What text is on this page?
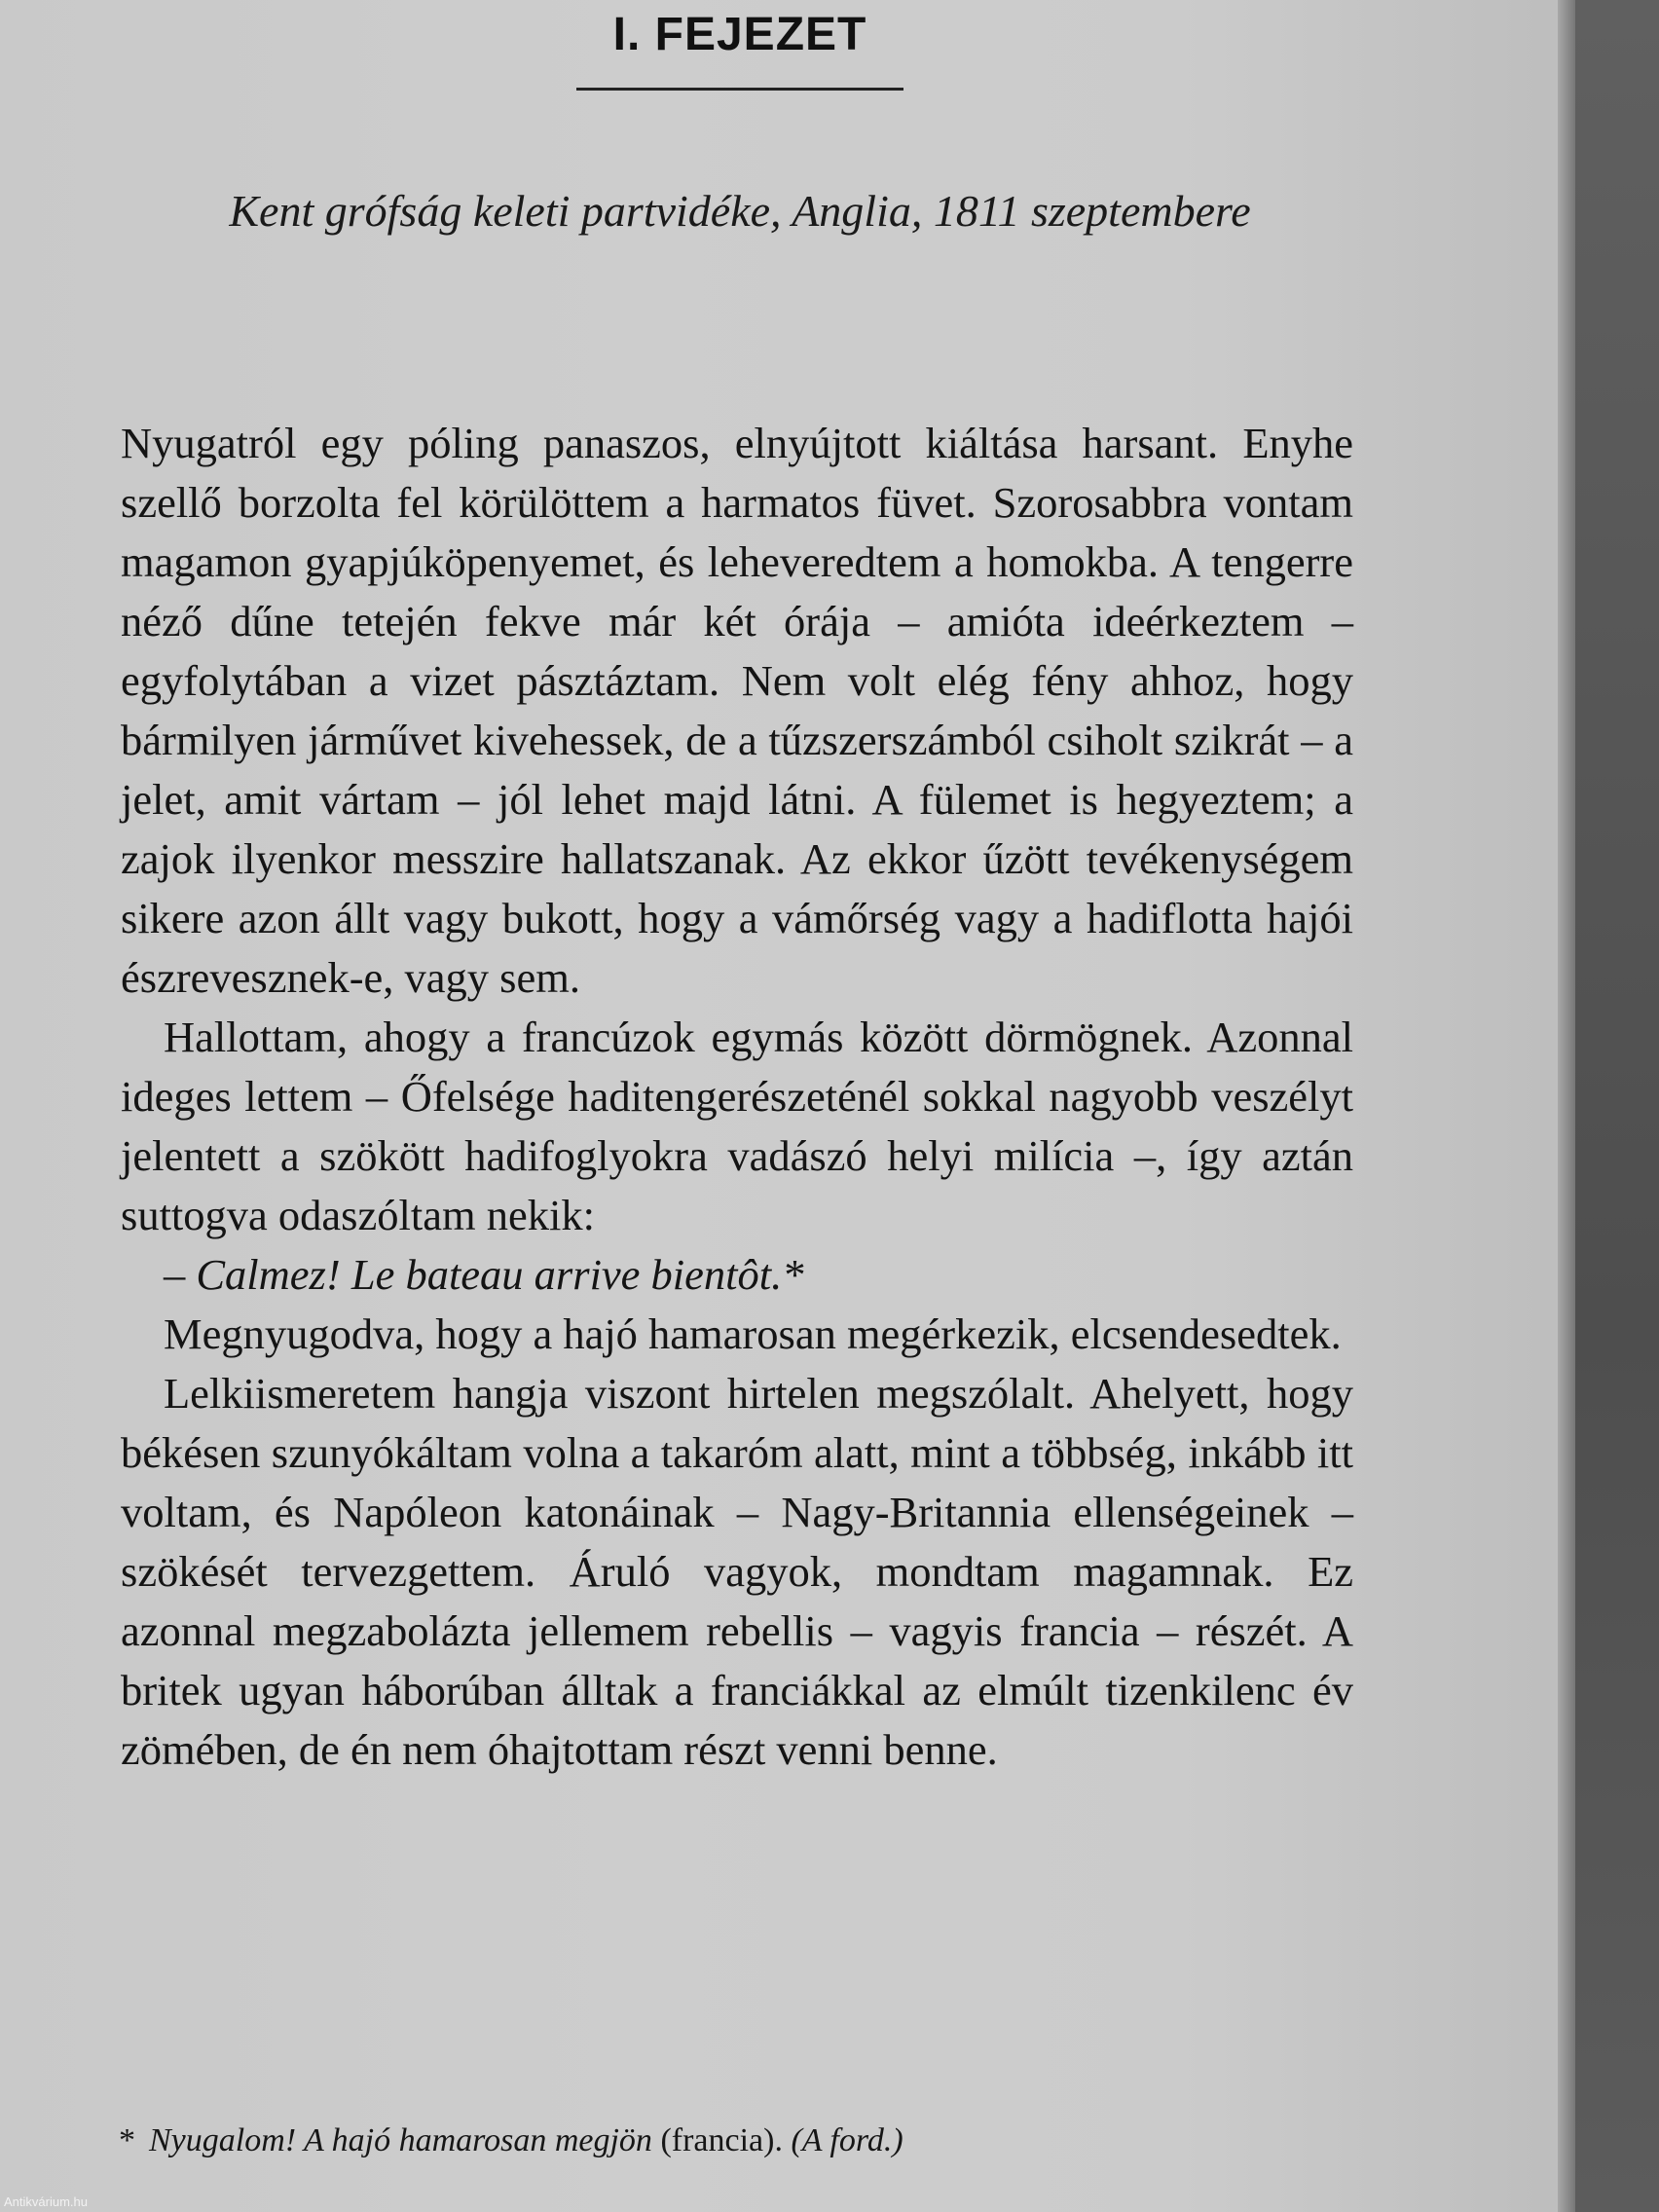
I. FEJEZET
Kent grófság keleti partvidéke, Anglia, 1811 szeptembere

Nyugatról egy póling panaszos, elnyújtott kiáltása harsant. Enyhe szellő borzolta fel körülöttem a harmatos füvet. Szorosabbra vontam magamon gyapjúköpenyemet, és leheveredtem a homokba. A tengerre néző dűne tetején fekve már két órája – amióta ideérkeztem – egyfolytában a vizet pásztáztam. Nem volt elég fény ahhoz, hogy bármilyen járművet kivehessek, de a tűzszerszámból csiholt szikrát – a jelet, amit vártam – jól lehet majd látni. A fülemet is hegyeztem; a zajok ilyenkor messzire hallatszanak. Az ekkor űzött tevékenységem sikere azon állt vagy bukott, hogy a vámőrség vagy a hadiflotta hajói észrevesznek-e, vagy sem.

Hallottam, ahogy a francúzok egymás között dörmögnek. Azonnal ideges lettem – Őfelsége haditengerészeténél sokkal nagyobb veszélyt jelentett a szökött hadifoglyokra vadászó helyi milícia –, így aztán suttogva odaszóltam nekik:

– Calmez! Le bateau arrive bientôt.*

Megnyugodva, hogy a hajó hamarosan megérkezik, elcsendesedtek.

Lelkiismeretem hangja viszont hirtelen megszólalt. Ahelyett, hogy békésen szunyókáltam volna a takaróm alatt, mint a többség, inkább itt voltam, és Napóleon katonáinak – Nagy-Britannia ellenségeinek – szökését tervezgettem. Áruló vagyok, mondtam magamnak. Ez azonnal megzabolázta jellemem rebellis – vagyis francia – részét. A britek ugyan háborúban álltak a franciákkal az elmúlt tizenkilenc év zömében, de én nem óhajtottam részt venni benne.

* Nyugalom! A hajó hamarosan megjön (francia). (A ford.)
Antikvárium.hu
